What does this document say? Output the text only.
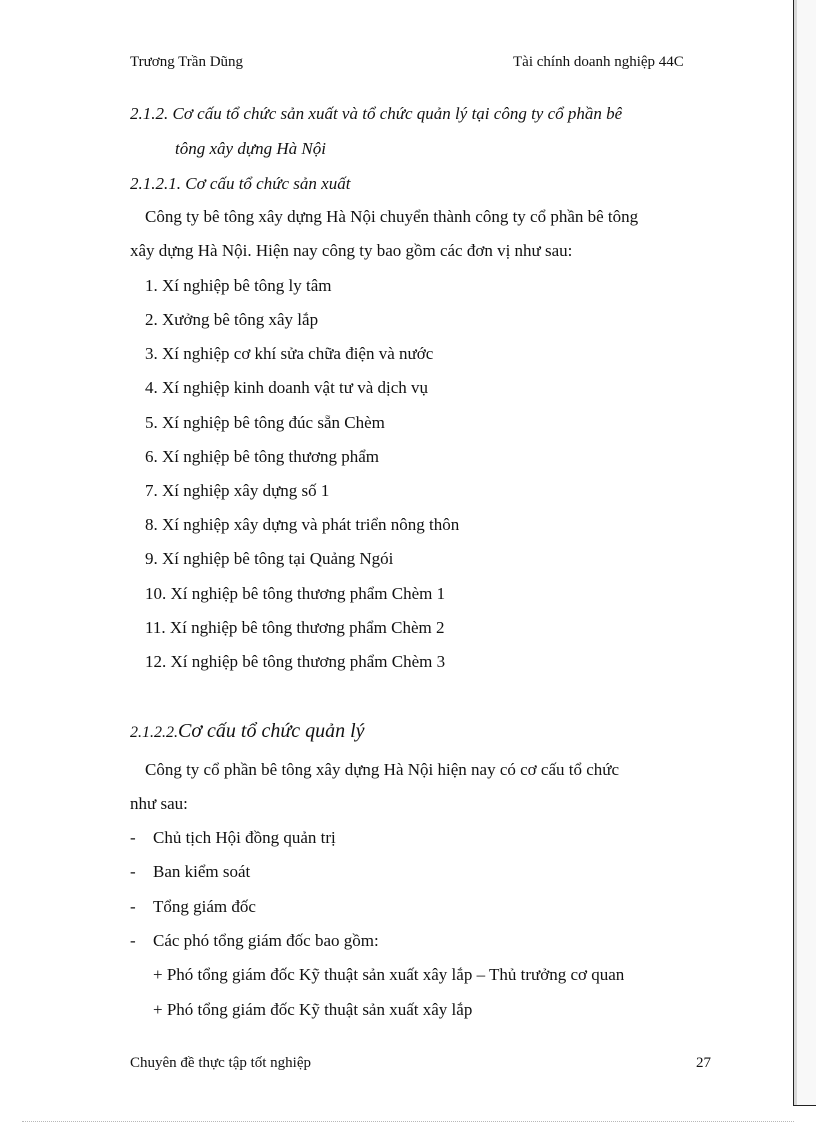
Trương Trần Dũng	Tài chính doanh nghiệp 44C
2.1.2. Cơ cấu tổ chức sản xuất và tổ chức quản lý tại công ty cổ phần bê
tông xây dựng Hà Nội
2.1.2.1. Cơ cấu tổ chức sản xuất
Công ty bê tông xây dựng Hà Nội chuyển thành công ty cổ phần bê tông
xây dựng Hà Nội. Hiện nay công ty bao gồm các đơn vị như sau:
1. Xí nghiệp bê tông ly tâm
2. Xưởng bê tông xây lắp
3. Xí nghiệp cơ khí sửa chữa điện và nước
4. Xí nghiệp kinh doanh vật tư và dịch vụ
5. Xí nghiệp bê tông đúc sẵn Chèm
6. Xí nghiệp bê tông thương phẩm
7. Xí nghiệp xây dựng số 1
8. Xí nghiệp xây dựng và phát triển nông thôn
9. Xí nghiệp bê tông tại Quảng Ngói
10. Xí nghiệp bê tông thương phẩm Chèm 1
11. Xí nghiệp bê tông thương phẩm Chèm 2
12. Xí nghiệp bê tông thương phẩm Chèm 3
2.1.2.2.Cơ cấu tổ chức quản lý
Công ty cổ phần bê tông xây dựng Hà Nội hiện nay có cơ cấu tổ chức
như sau:
- Chủ tịch Hội đồng quản trị
- Ban kiểm soát
- Tổng giám đốc
- Các phó tổng giám đốc bao gồm:
+ Phó tổng giám đốc Kỹ thuật sản xuất xây lắp – Thủ trưởng cơ quan
+ Phó tổng giám đốc Kỹ thuật sản xuất xây lắp
Chuyên đề thực tập tốt nghiệp	27
